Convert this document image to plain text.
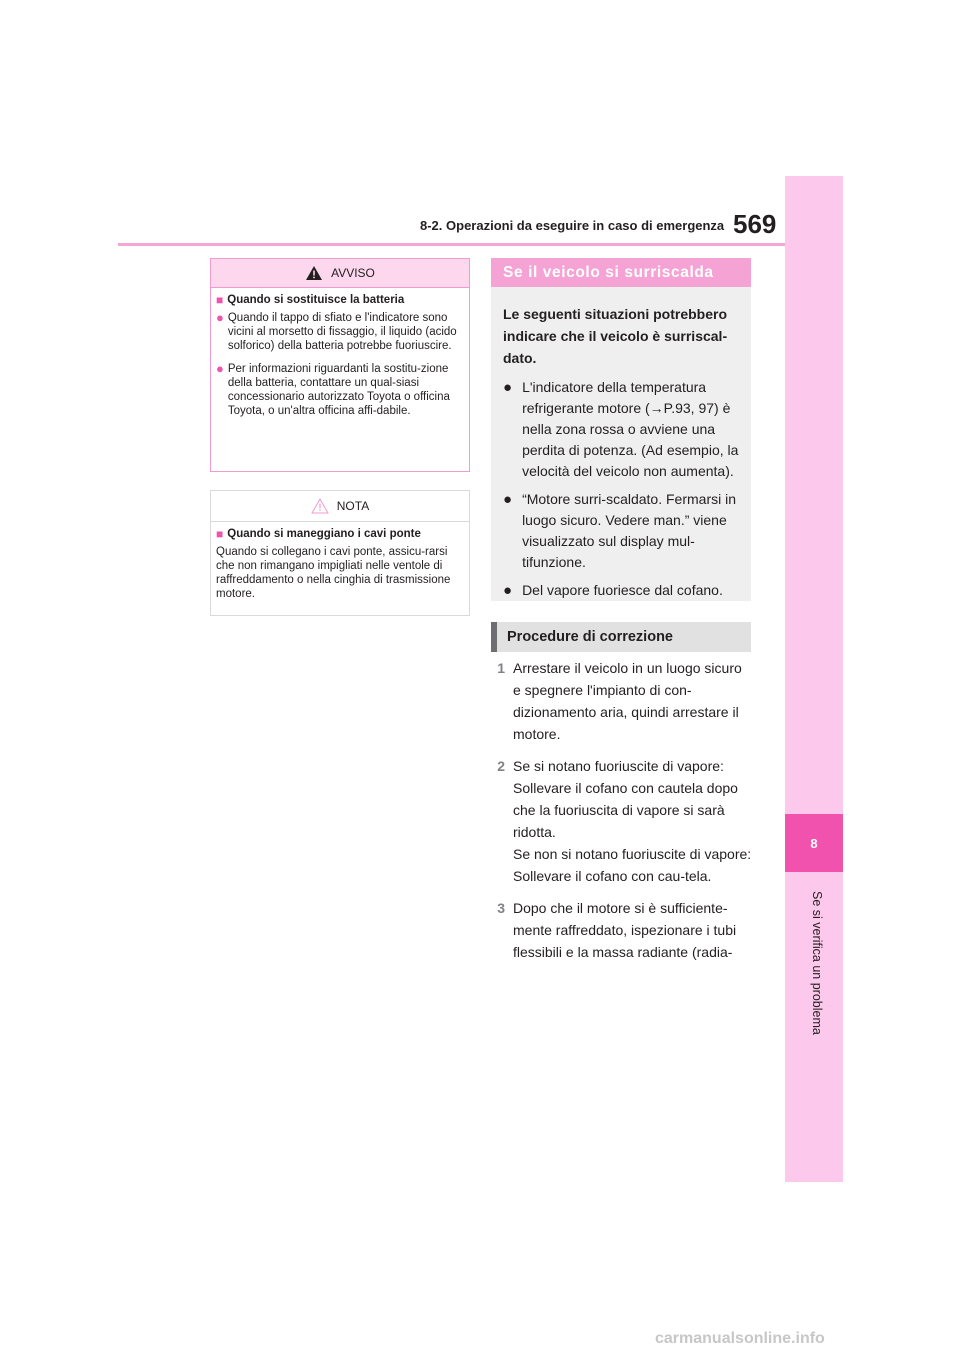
8-2. Operazioni da eseguire in caso di emergenza 569
8
Se si verifica un problema
AVVISO
■ Quando si sostituisce la batteria
● Quando il tappo di sfiato e l'indicatore sono vicini al morsetto di fissaggio, il liquido (acido solforico) della batteria potrebbe fuoriuscire.
● Per informazioni riguardanti la sostitu-zione della batteria, contattare un qual-siasi concessionario autorizzato Toyota o officina Toyota, o un'altra officina affi-dabile.
NOTA
■ Quando si maneggiano i cavi ponte
Quando si collegano i cavi ponte, assicu-rarsi che non rimangano impigliati nelle ventole di raffreddamento o nella cinghia di trasmissione motore.
Se il veicolo si surriscalda
Le seguenti situazioni potrebbero indicare che il veicolo è surriscal-dato.
● L'indicatore della temperatura refrigerante motore (→P.93, 97) è nella zona rossa o avviene una perdita di potenza. (Ad esempio, la velocità del veicolo non aumenta).
● “Motore surri-scaldato. Fermarsi in luogo sicuro. Vedere man.” viene visualizzato sul display mul-tifunzione.
● Del vapore fuoriesce dal cofano.
Procedure di correzione
1 Arrestare il veicolo in un luogo sicuro e spegnere l'impianto di con-dizionamento aria, quindi arrestare il motore.
2 Se si notano fuoriuscite di vapore: Sollevare il cofano con cautela dopo che la fuoriuscita di vapore si sarà ridotta.
Se non si notano fuoriuscite di vapore: Sollevare il cofano con cau-tela.
3 Dopo che il motore si è sufficiente-mente raffreddato, ispezionare i tubi flessibili e la massa radiante (radia-
carmanualsonline.info
